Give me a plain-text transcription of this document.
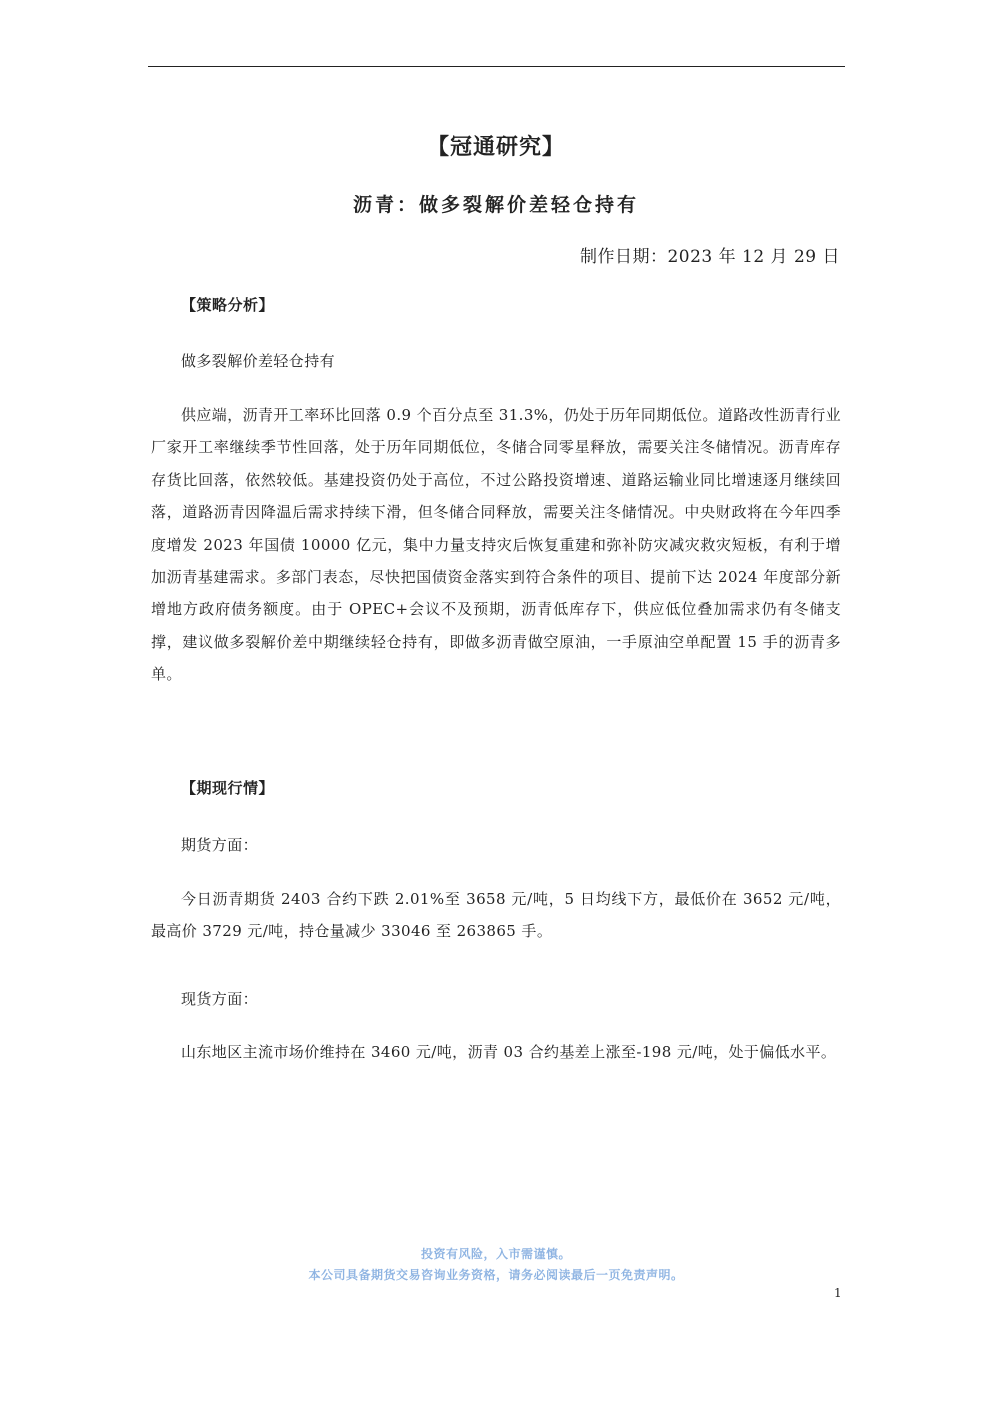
【冠通研究】
沥青：做多裂解价差轻仓持有
制作日期：2023 年 12 月 29 日
【策略分析】

做多裂解价差轻仓持有

供应端，沥青开工率环比回落 0.9 个百分点至 31.3%，仍处于历年同期低位。道路改性沥青行业厂家开工率继续季节性回落，处于历年同期低位，冬储合同零星释放，需要关注冬储情况。沥青库存存货比回落，依然较低。基建投资仍处于高位，不过公路投资增速、道路运输业同比增速逐月继续回落，道路沥青因降温后需求持续下滑，但冬储合同释放，需要关注冬储情况。中央财政将在今年四季度增发 2023 年国债 10000 亿元，集中力量支持灾后恢复重建和弥补防灾减灾救灾短板，有利于增加沥青基建需求。多部门表态，尽快把国债资金落实到符合条件的项目、提前下达 2024 年度部分新增地方政府债务额度。由于 OPEC+会议不及预期，沥青低库存下，供应低位叠加需求仍有冬储支撑，建议做多裂解价差中期继续轻仓持有，即做多沥青做空原油，一手原油空单配置 15 手的沥青多单。

【期现行情】

期货方面：

今日沥青期货 2403 合约下跌 2.01%至 3658 元/吨，5 日均线下方，最低价在 3652 元/吨，最高价 3729 元/吨，持仓量减少 33046 至 263865 手。

现货方面：

山东地区主流市场价维持在 3460 元/吨，沥青 03 合约基差上涨至-198 元/吨，处于偏低水平。

投资有风险，入市需谨慎。
本公司具备期货交易咨询业务资格，请务必阅读最后一页免责声明。
1
